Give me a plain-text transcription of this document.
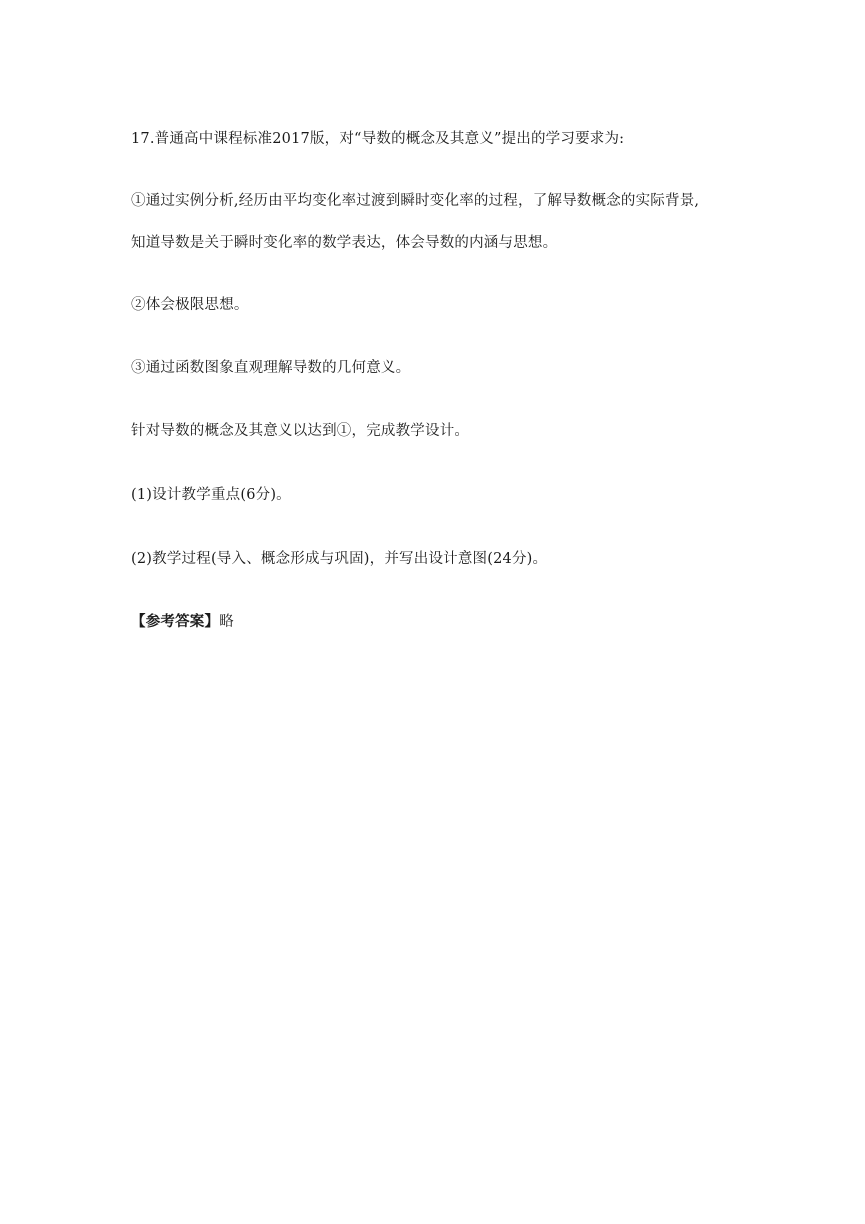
17.普通高中课程标准2017版，对“导数的概念及其意义”提出的学习要求为:
①通过实例分析,经历由平均变化率过渡到瞬时变化率的过程，了解导数概念的实际背景,
知道导数是关于瞬时变化率的数学表达，体会导数的内涵与思想。
②体会极限思想。
③通过函数图象直观理解导数的几何意义。
针对导数的概念及其意义以达到①，完成教学设计。
(1)设计教学重点(6分)。
(2)教学过程(导入、概念形成与巩固)，并写出设计意图(24分)。
【参考答案】略
